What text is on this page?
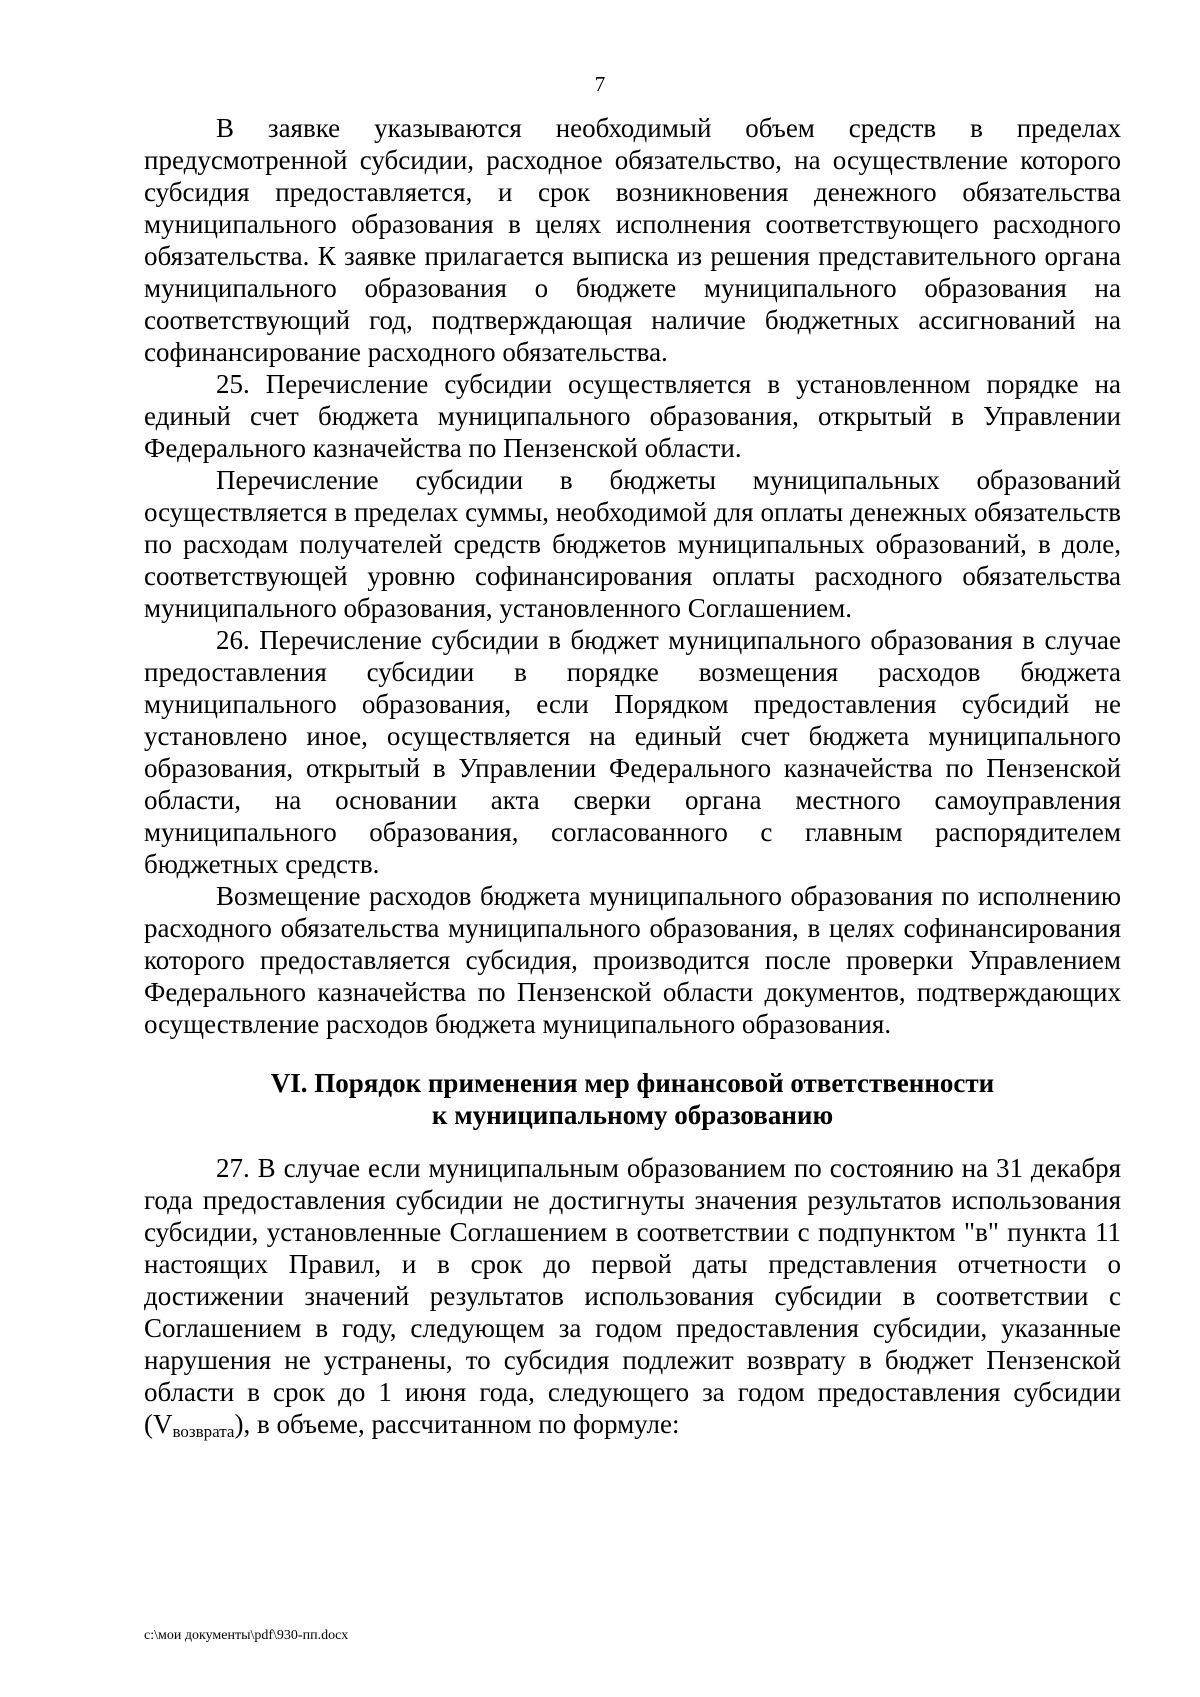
7

В заявке указываются необходимый объем средств в пределах предусмотренной субсидии, расходное обязательство, на осуществление которого субсидия предоставляется, и срок возникновения денежного обязательства муниципального образования в целях исполнения соответствующего расходного обязательства. К заявке прилагается выписка из решения представительного органа муниципального образования о бюджете муниципального образования на соответствующий год, подтверждающая наличие бюджетных ассигнований на софинансирование расходного обязательства.

25. Перечисление субсидии осуществляется в установленном порядке на единый счет бюджета муниципального образования, открытый в Управлении Федерального казначейства по Пензенской области.

Перечисление субсидии в бюджеты муниципальных образований осуществляется в пределах суммы, необходимой для оплаты денежных обязательств по расходам получателей средств бюджетов муниципальных образований, в доле, соответствующей уровню софинансирования оплаты расходного обязательства муниципального образования, установленного Соглашением.

26. Перечисление субсидии в бюджет муниципального образования в случае предоставления субсидии в порядке возмещения расходов бюджета муниципального образования, если Порядком предоставления субсидий не установлено иное, осуществляется на единый счет бюджета муниципального образования, открытый в Управлении Федерального казначейства по Пензенской области, на основании акта сверки органа местного самоуправления муниципального образования, согласованного с главным распорядителем бюджетных средств.

Возмещение расходов бюджета муниципального образования по исполнению расходного обязательства муниципального образования, в целях софинансирования которого предоставляется субсидия, производится после проверки Управлением Федерального казначейства по Пензенской области документов, подтверждающих осуществление расходов бюджета муниципального образования.

VI. Порядок применения мер финансовой ответственности
к муниципальному образованию

27. В случае если муниципальным образованием по состоянию на 31 декабря года предоставления субсидии не достигнуты значения результатов использования субсидии, установленные Соглашением в соответствии с подпунктом "в" пункта 11 настоящих Правил, и в срок до первой даты представления отчетности о достижении значений результатов использования субсидии в соответствии с Соглашением в году, следующем за годом предоставления субсидии, указанные нарушения не устранены, то субсидия подлежит возврату в бюджет Пензенской области в срок до 1 июня года, следующего за годом предоставления субсидии $(V_{возврата})$, в объеме, рассчитанном по формуле:

c:\мои документы\pdf\930-пп.docx
